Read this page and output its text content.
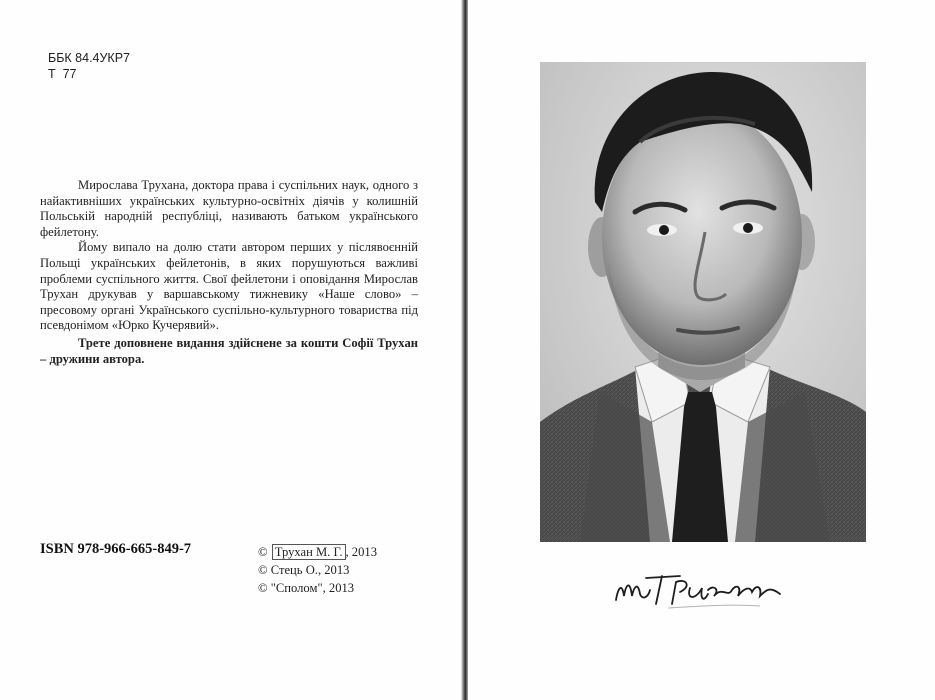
ББК 84.4УКР7
Т  77

Мирослава Трухана, доктора права і суспільних наук, одного з найактивніших українських культурно-освітніх діячів у колишній Польській народній республіці, називають батьком українського фейлетону.

Йому випало на долю стати автором перших у післявоєнній Польщі українських фейлетонів, в яких порушуються важливі проблеми суспільного життя. Свої фейлетони і оповідання Мирослав Трухан друкував у варшавському тижневику «Наше слово» – пресовому органі Українського суспільно-культурного товариства під псевдонімом «Юрко Кучерявий».

Трете доповнене видання здійснене за кошти Софії Трухан – дружини автора.

ISBN 978-966-665-849-7	© Трухан М. Г. , 2013
© Стець О., 2013
© "Сполом", 2013
